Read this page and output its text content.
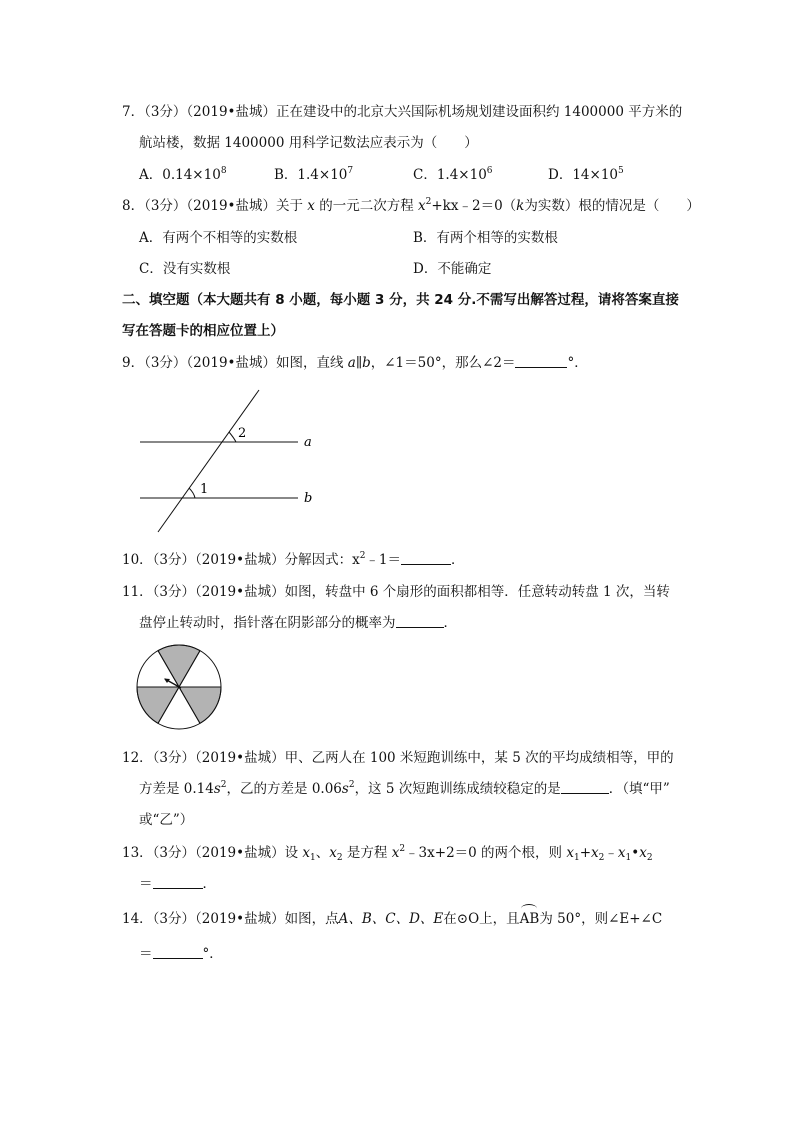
7．（3分）（2019•盐城）正在建设中的北京大兴国际机场规划建设面积约 1400000 平方米的
航站楼，数据 1400000 用科学记数法应表示为（　　）
A．$0.14\times 10^8$	B．$1.4\times 10^7$	C．$1.4\times 10^6$	D．$14\times 10^5$
8．（3分）（2019•盐城）关于 x 的一元二次方程 $x^2+kx﹣2=0(k$为实数）根的情况是（　　）
A．有两个不相等的实数根	B．有两个相等的实数根
C．没有实数根	D．不能确定
二、填空题（本大题共有 8 小题，每小题 3 分，共 24 分.不需写出解答过程，请将答案直接
写在答题卡的相应位置上）
9．（3分）（2019•盐城）如图，直线 a∥b，∠1＝50°，那么∠2＝	°．
2
1
a
b
10．（3分）（2019•盐城）分解因式：$x^2﹣1=$	．
11．（3分）（2019•盐城）如图，转盘中 6 个扇形的面积都相等．任意转动转盘 1 次，当转
盘停止转动时，指针落在阴影部分的概率为	．
12．（3分）（2019•盐城）甲、乙两人在 100 米短跑训练中，某 5 次的平均成绩相等，甲的
方差是 $0.14s^2$，乙的方差是 $0.06s^2$，这 5 次短跑训练成绩较稳定的是	．（填“甲”
或“乙”）
13．（3分）（2019•盐城）设 $x_1$、$x_2$ 是方程 $x^2﹣3x+2=0$ 的两个根，则 $x_1+x_2﹣x_1•x_2$
＝	．
14．（3分）（2019•盐城）如图，点A、B、C、D、E在⊙O上，且
AB为 50°，则∠E+∠C
＝	°．
